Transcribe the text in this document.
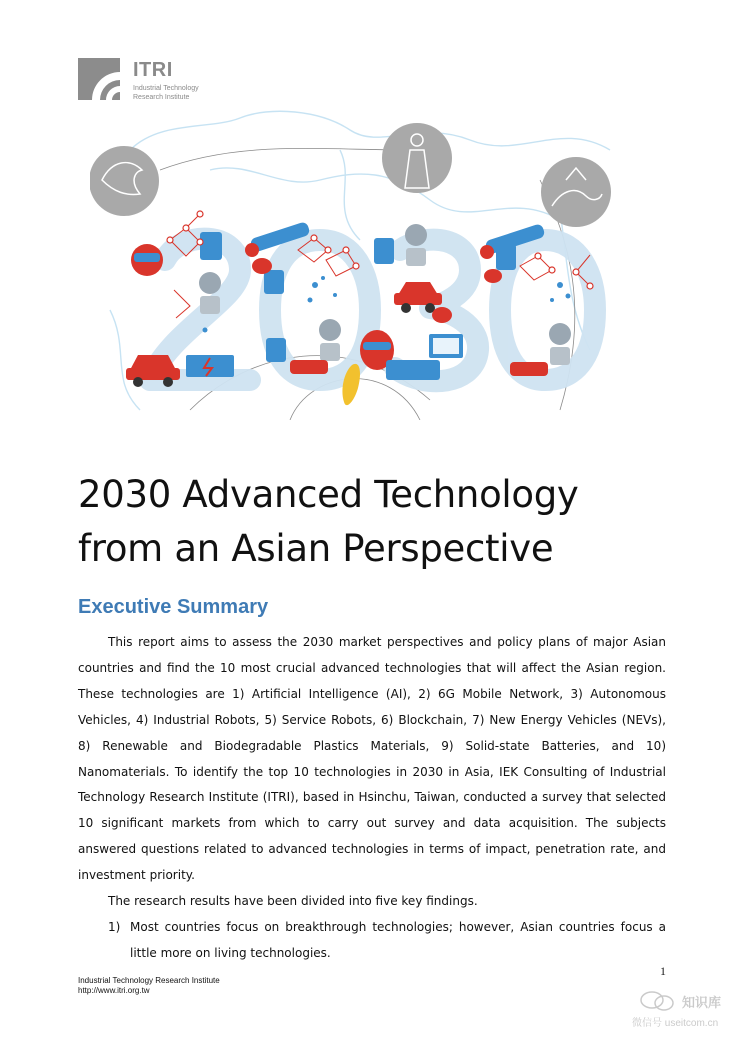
ITRI
Industrial Technology
Research Institute
2030 Advanced Technology
from an Asian Perspective
Executive Summary

This report aims to assess the 2030 market perspectives and policy plans of major Asian countries and find the 10 most crucial advanced technologies that will affect the Asian region. These technologies are 1) Artificial Intelligence (AI), 2) 6G Mobile Network, 3) Autonomous Vehicles, 4) Industrial Robots, 5) Service Robots, 6) Blockchain, 7) New Energy Vehicles (NEVs), 8) Renewable and Biodegradable Plastics Materials, 9) Solid-state Batteries, and 10) Nanomaterials. To identify the top 10 technologies in 2030 in Asia, IEK Consulting of Industrial Technology Research Institute (ITRI), based in Hsinchu, Taiwan, conducted a survey that selected 10 significant markets from which to carry out survey and data acquisition. The subjects answered questions related to advanced technologies in terms of impact, penetration rate, and investment priority.

The research results have been divided into five key findings.

1) Most countries focus on breakthrough technologies; however, Asian countries focus a little more on living technologies.
1
Industrial Technology Research Institute
http://www.itri.org.tw
知识库
微信号 useitcom.cn
